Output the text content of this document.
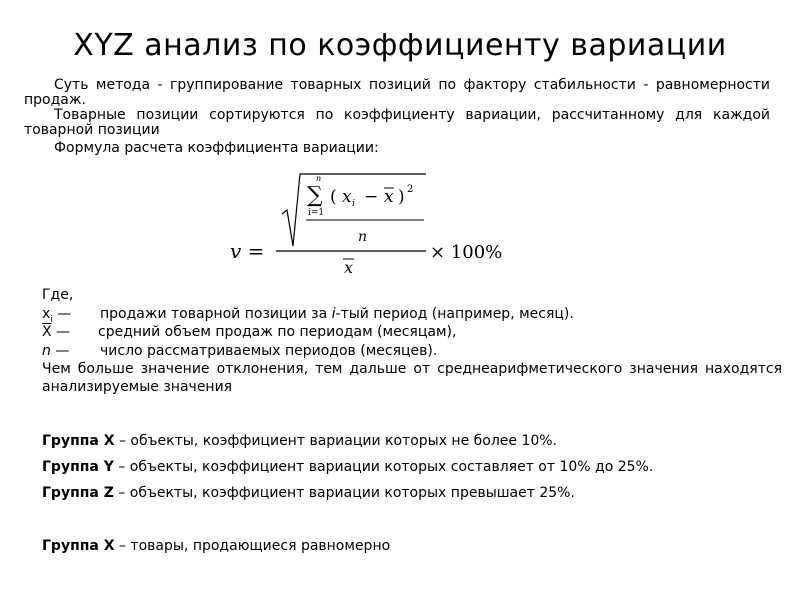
XYZ анализ по коэффициенту вариации

Суть метода - группирование товарных позиций по фактору стабильности - равномерности продаж.

Товарные позиции сортируются по коэффициенту вариации, рассчитанному для каждой товарной позиции

Формула расчета коэффициента вариации:

v =
n
∑
i=1
( x i − x ) 2
n
x
× 100%

Где,

$x_i$ — продажи товарной позиции за i-тый период (например, месяц).

$\overline{X}$ — средний объем продаж по периодам (месяцам),

n — число рассматриваемых периодов (месяцев).

Чем больше значение отклонения, тем дальше от среднеарифметического значения находятся анализируемые значения

Группа X – объекты, коэффициент вариации которых не более 10%.

Группа Y – объекты, коэффициент вариации которых составляет от 10% до 25%.

Группа Z – объекты, коэффициент вариации которых превышает 25%.

Группа X – товары, продающиеся равномерно
